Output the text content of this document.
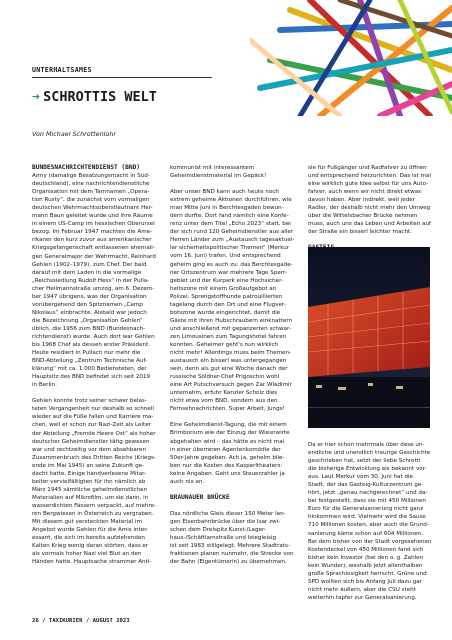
UNTERHALTSAMES
➔ SCHROTTIS WELT
Von Michael Schrottenlohr

BUNDESNACHRICHTENDIENST (BND)

Army (damalige Besatzungsmacht in Süd-

deutschland), eine nachrichtendienstliche

Organisation mit dem Tarnnamen „Opera-

tion Rusty“, die zunächst vom vormaligen

deutschen Wehrmachtsoberstleutnant Her-

mann Baun geleitet wurde und ihre Räume

in einem US-Camp im hessischen Oberursel

bezog. Im Februar 1947 machten die Ame-

rikaner den kurz zuvor aus amerikanischer

Kriegsgefangenschaft entlassenen ehemali-

gen Generalmajor der Wehrmacht, Reinhard

Gehlen (1902–1979), zum Chef. Der bald

darauf mit dem Laden in die vormalige

„Reichssiedlung Rudolf Hess“ in der Pulla-

cher Heilmannstraße umzog, am 6. Dezem-

ber 1947 übrigens, was der Organisation

vorübergehend den Spitznamen „Camp

Nikolaus“ einbrachte. Alsbald war jedoch

die Bezeichnung „Organisation Gehlen“

üblich, die 1956 zum BND (Bundesnach-

richtendienst) wurde. Auch dort war Gehlen

bis 1968 Chef als dessen erster Präsident.

Heute residiert in Pullach nur mehr die

BND-Abteilung „Zentrum Technische Auf-

klärung“ mit ca. 1.000 Bediensteten, der

Hauptsitz des BND befindet sich seit 2019

in Berlin.

Gehlen konnte trotz seiner schwer belas-

teten Vergangenheit nur deshalb so schnell

wieder auf die Füße fallen und Karriere ma-

chen, weil er schon zur Nazi-Zeit als Leiter

der Abteilung „Fremde Heere Ost“ als hoher

deutscher Geheimdienstler tätig gewesen

war und rechtzeitig vor dem absehbaren

Zusammenbruch des Dritten Reichs (Kriegs-

ende im Mai 1945) an seine Zukunft ge-

dacht hatte. Einige handverlesene Mitar-

beiter vervielfältigten für ihn nämlich ab

März 1945 sämtliche geheimdienstlichen

Materialien auf Mikrofilm, um sie dann, in

wasserdichten Fässern verpackt, auf mehre-

ren Bergwiesen in Österreich zu vergraben.

Mit diesem gut versteckten Material im

Angebot wurde Gehlen für die Amis inter-

essant, die sich im bereits aufziehenden

Kalten Krieg wenig daran störten, dass er

als vormals hoher Nazi viel Blut an den

Händen hatte. Hauptsache strammer Anti-

kommunist mit interessantem

Geheimdienstmaterial im Gepäck!

Aber unser BND kann auch heute noch

extrem geheime Aktionen durchführen, wie

man Mitte Juni in Berchtesgaden bewun-

dern durfte. Dort fand nämlich eine Konfe-

renz unter dem Titel „Echo 2023“ statt, bei

der sich rund 120 Geheimdienstler aus aller

Herren Länder zum „Austausch tagesaktuel-

ler sicherheitspolitischer Themen“ (Merkur

vom 16. Juni) trafen. Und entsprechend

geheim ging es auch zu: das Berchtesgade-

ner Ortszentrum war mehrere Tage Sperr-

gebiet und der Kurpark eine Hochsicher-

heitszone mit einem Großaufgebot an

Polizei. Sprengstoffhunde patrouillierten

tagelang durch den Ort und eine Flugver-

botszone wurde eingerichtet, damit die

Gäste mit ihren Hubschraubern einknattern

und anschließend mit gepanzerten schwar-

zen Limousinen zum Tagungshotel fahren

konnten. Geheimer geht's nun wirklich

nicht mehr! Allerdings muss beim Themen-

austausch ein bisserl was untergegangen

sein, denn als gut eine Woche danach der

russische Söldner-Chef Prigoschin wohl

eine Art Putschversuch gegen Zar Wladimir

unternahm, erfuhr Kanzler Scholz dies

nicht etwa vom BND, sondern aus den

Fernsehnachrichten. Super Arbeit, Jungs!

Eine Geheimdienst-Tagung, die mit einem

Brimborium wie der Einzug der Wiesnwirte

abgehalten wird – das hätte es nicht mal

in einer überreren Agentenkomödie der

50er-Jahre gegeben. Ach ja, gehelm blie-

ben nur die Kosten des Kasperltheaters:

keine Angaben. Geht uns Steuerzahler ja

auch nix an.

BRAUNAUER BRÜCKE

Das nördliche Gleis dieser 150 Meter lan-

gen Eisenbahnbrücke über die Isar zwi-

schen dem Dreispitz Kunst-/Lager-

haus-/Schäftlarnstraße und Istegleisig

ist seit 1983 stillgelegt. Mehrere Stadtrats-

fraktionen planen nunmehr, die Strecke von

der Bahn (Eigentümerin) zu übernehmen,

sie für Fußgänger und Radfahrer zu öffnen

und entsprechend herzurichten. Das ist mal

eine wirklich gute Idee selbst für uns Auto-

fahrer, auch wenn wir nicht direkt etwas

davon haben. Aber indirekt, weil jeder

Radler, der deshalb nicht mehr den Umweg

über die Wittelsbacher Brücke nehmen

muss, auch uns das Leben und Arbeiten auf

der Straße ein bisserl leichter macht.

Da er hier schon mehrmals über dese un-

endliche und unendlich traurige Geschichte

geschrieben hat, setzt der liebe Schrotti

die bisherige Entwicklung als bekannt vor-

aus. Laut Merkur vom 30. Juni hat die

Stadt, der das Gasteig-Kulturzentrum ge-

hört, jetzt „genau nachgerechnet“ und da-

bei festgestellt, dass sie mit 450 Millionen

Euro für die Generalsanierung nicht ganz

hinkommen wird. Vielmehr wird die Sause

710 Millionen kosten, aber auch die Grund-

sanierung käme schon auf 604 Millionen.

Bei dem bisher von der Stadt vorgesehenen

Kostendeckel von 450 Millionen fand sich

bisher kein Investor (bei den o. g. Zahlen

kein Wunder), weshalb jetzt allenthalben

große Sprachlosigkeit herrscht. Grüne und

SPD wollten sich bis Anfang Juli dazu gar

nicht mehr äußern, aber die CSU steht

weiterhin tapfer zur Generalsanierung.

26 / TAXIKURIER / AUGUST 2023
